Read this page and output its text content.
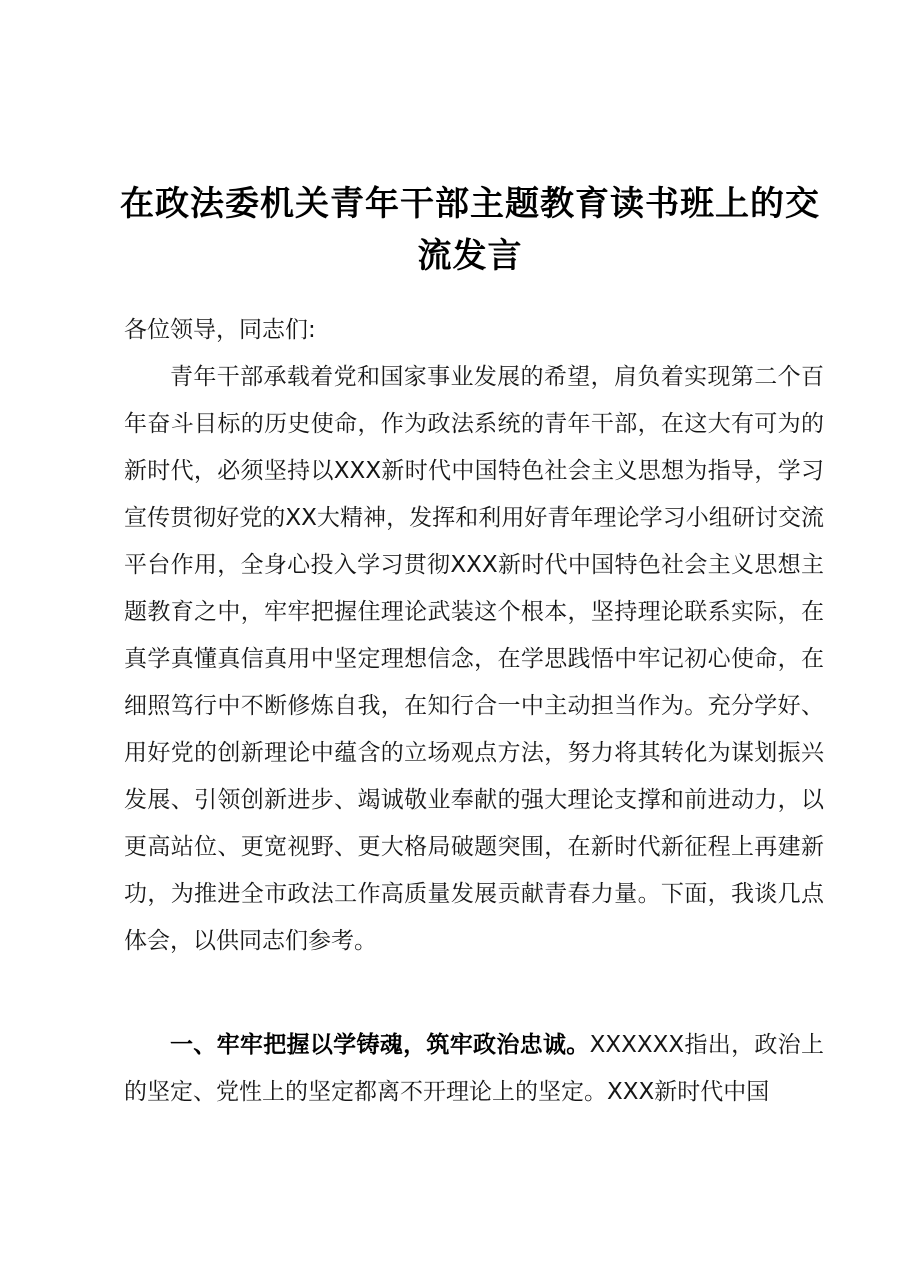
在政法委机关青年干部主题教育读书班上的交流发言

各位领导，同志们:

青年干部承载着党和国家事业发展的希望，肩负着实现第二个百年奋斗目标的历史使命，作为政法系统的青年干部，在这大有可为的新时代，必须坚持以XXX新时代中国特色社会主义思想为指导，学习宣传贯彻好党的XX大精神，发挥和利用好青年理论学习小组研讨交流平台作用，全身心投入学习贯彻XXX新时代中国特色社会主义思想主题教育之中，牢牢把握住理论武装这个根本，坚持理论联系实际，在真学真懂真信真用中坚定理想信念，在学思践悟中牢记初心使命，在细照笃行中不断修炼自我，在知行合一中主动担当作为。充分学好、用好党的创新理论中蕴含的立场观点方法，努力将其转化为谋划振兴发展、引领创新进步、竭诚敬业奉献的强大理论支撑和前进动力，以更高站位、更宽视野、更大格局破题突围，在新时代新征程上再建新功，为推进全市政法工作高质量发展贡献青春力量。下面，我谈几点体会，以供同志们参考。

一、牢牢把握以学铸魂，筑牢政治忠诚。XXXXXX指出，政治上的坚定、党性上的坚定都离不开理论上的坚定。XXX新时代中国
